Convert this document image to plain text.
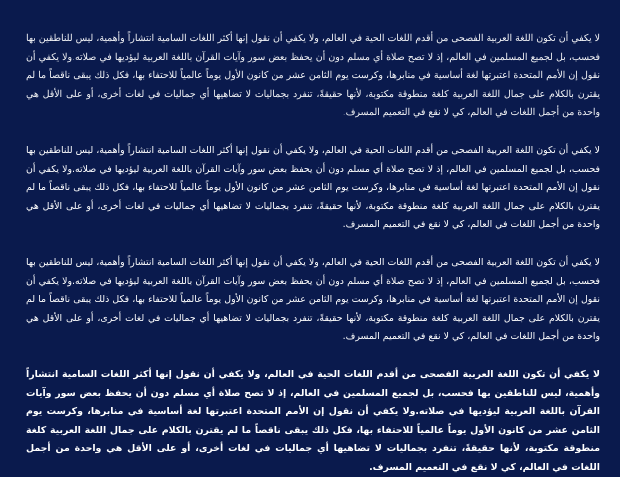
لا يكفي أن تكون اللغة العربية الفصحى من أقدم اللغات الحية في العالم، ولا يكفي أن نقول إنها أكثر اللغات السامية انتشاراً وأهمية، ليس للناطقين بها فحسب، بل لجميع المسلمين في العالم، إذ لا تصح صلاة أي مسلم دون أن يحفظ بعض سور وآيات القرآن باللغة العربية ليؤديها في صلاته.ولا يكفي أن نقول إن الأمم المتحدة اعتبرتها لغة أساسية في منابرها، وكرست يوم الثامن عشر من كانون الأول يوماً عالمياً للاحتفاء بها، فكل ذلك يبقى ناقصاً ما لم يقترن بالكلام على جمال اللغة العربية كلغة منطوقة مكتوبة، لأنها حقيقةً، تنفرد بجماليات لا تضاهيها أي جماليات في لغات أخرى، أو على الأقل هي واحدة من أجمل اللغات في العالم، كي لا نقع في التعميم المسرف.

لا يكفي أن تكون اللغة العربية الفصحى من أقدم اللغات الحية في العالم، ولا يكفي أن نقول إنها أكثر اللغات السامية انتشاراً وأهمية، ليس للناطقين بها فحسب، بل لجميع المسلمين في العالم، إذ لا تصح صلاة أي مسلم دون أن يحفظ بعض سور وآيات القرآن باللغة العربية ليؤديها في صلاته.ولا يكفي أن نقول إن الأمم المتحدة اعتبرتها لغة أساسية في منابرها، وكرست يوم الثامن عشر من كانون الأول يوماً عالمياً للاحتفاء بها، فكل ذلك يبقى ناقصاً ما لم يقترن بالكلام على جمال اللغة العربية كلغة منطوقة مكتوبة، لأنها حقيقةً، تنفرد بجماليات لا تضاهيها أي جماليات في لغات أخرى، أو على الأقل هي واحدة من أجمل اللغات في العالم، كي لا نقع في التعميم المسرف.

لا يكفي أن تكون اللغة العربية الفصحى من أقدم اللغات الحية في العالم، ولا يكفي أن نقول إنها أكثر اللغات السامية انتشاراً وأهمية، ليس للناطقين بها فحسب، بل لجميع المسلمين في العالم، إذ لا تصح صلاة أي مسلم دون أن يحفظ بعض سور وآيات القرآن باللغة العربية ليؤديها في صلاته.ولا يكفي أن نقول إن الأمم المتحدة اعتبرتها لغة أساسية في منابرها، وكرست يوم الثامن عشر من كانون الأول يوماً عالمياً للاحتفاء بها، فكل ذلك يبقى ناقصاً ما لم يقترن بالكلام على جمال اللغة العربية كلغة منطوقة مكتوبة، لأنها حقيقةً، تنفرد بجماليات لا تضاهيها أي جماليات في لغات أخرى، أو على الأقل هي واحدة من أجمل اللغات في العالم، كي لا نقع في التعميم المسرف.

لا يكفي أن تكون اللغة العربية الفصحى من أقدم اللغات الحية في العالم، ولا يكفي أن نقول إنها أكثر اللغات السامية انتشاراً وأهمية، ليس للناطقين بها فحسب، بل لجميع المسلمين في العالم، إذ لا تصح صلاة أي مسلم دون أن يحفظ بعض سور وآيات القرآن باللغة العربية ليؤديها في صلاته.ولا يكفي أن نقول إن الأمم المتحدة اعتبرتها لغة أساسية في منابرها، وكرست يوم الثامن عشر من كانون الأول يوماً عالمياً للاحتفاء بها، فكل ذلك يبقى ناقصاً ما لم يقترن بالكلام على جمال اللغة العربية كلغة منطوقة مكتوبة، لأنها حقيقةً، تنفرد بجماليات لا تضاهيها أي جماليات في لغات أخرى، أو على الأقل هي واحدة من أجمل اللغات في العالم، كي لا نقع في التعميم المسرف.
